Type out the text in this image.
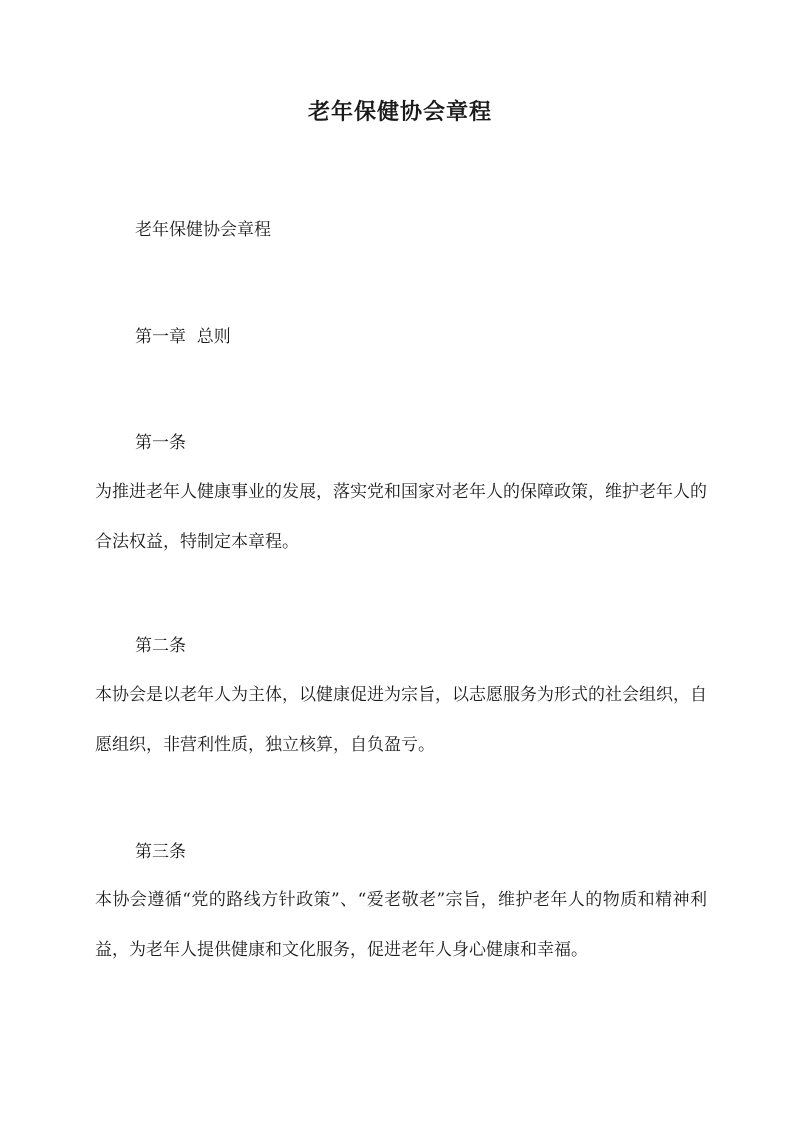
老年保健协会章程

老年保健协会章程

第一章  总则

第一条

为推进老年人健康事业的发展，落实党和国家对老年人的保障政策，维护老年人的合法权益，特制定本章程。

第二条

本协会是以老年人为主体，以健康促进为宗旨，以志愿服务为形式的社会组织，自愿组织，非营利性质，独立核算，自负盈亏。

第三条

本协会遵循“党的路线方针政策”、“爱老敬老”宗旨，维护老年人的物质和精神利益，为老年人提供健康和文化服务，促进老年人身心健康和幸福。
